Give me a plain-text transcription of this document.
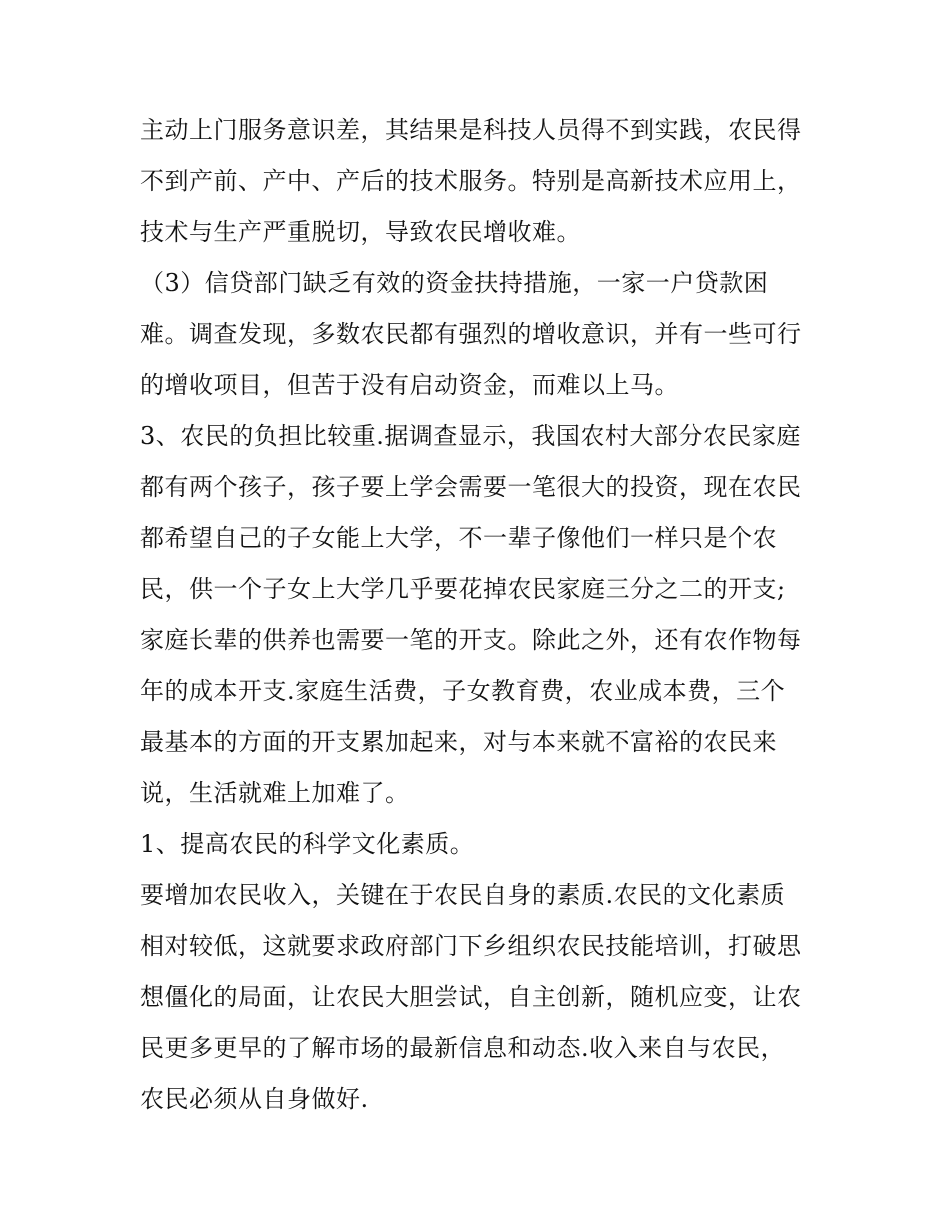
主动上门服务意识差，其结果是科技人员得不到实践，农民得
不到产前、产中、产后的技术服务。特别是高新技术应用上，
技术与生产严重脱切，导致农民增收难。
（3）信贷部门缺乏有效的资金扶持措施，一家一户贷款困
难。调查发现，多数农民都有强烈的增收意识，并有一些可行
的增收项目，但苦于没有启动资金，而难以上马。
3、农民的负担比较重.据调查显示，我国农村大部分农民家庭
都有两个孩子，孩子要上学会需要一笔很大的投资，现在农民
都希望自己的子女能上大学，不一辈子像他们一样只是个农
民，供一个子女上大学几乎要花掉农民家庭三分之二的开支;
家庭长辈的供养也需要一笔的开支。除此之外，还有农作物每
年的成本开支.家庭生活费，子女教育费，农业成本费，三个
最基本的方面的开支累加起来，对与本来就不富裕的农民来
说，生活就难上加难了。
1、提高农民的科学文化素质。
要增加农民收入，关键在于农民自身的素质.农民的文化素质
相对较低，这就要求政府部门下乡组织农民技能培训，打破思
想僵化的局面，让农民大胆尝试，自主创新，随机应变，让农
民更多更早的了解市场的最新信息和动态.收入来自与农民，
农民必须从自身做好.
